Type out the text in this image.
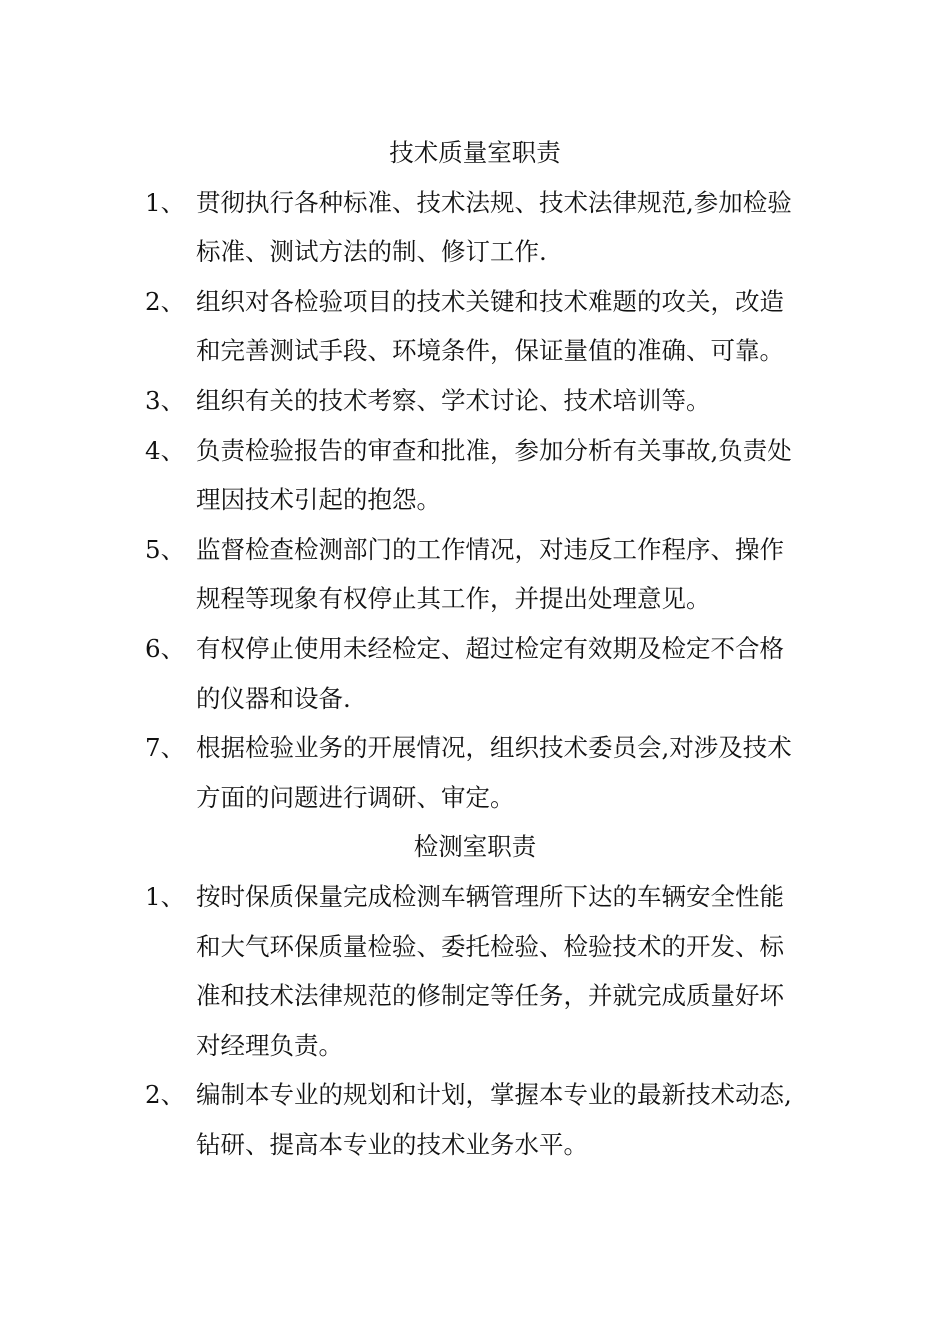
技术质量室职责
1、 贯彻执行各种标准、技术法规、技术法律规范,参加检验标准、测试方法的制、修订工作.
2、 组织对各检验项目的技术关键和技术难题的攻关，改造和完善测试手段、环境条件，保证量值的准确、可靠。
3、 组织有关的技术考察、学术讨论、技术培训等。
4、 负责检验报告的审查和批准，参加分析有关事故,负责处理因技术引起的抱怨。
5、 监督检查检测部门的工作情况，对违反工作程序、操作规程等现象有权停止其工作，并提出处理意见。
6、 有权停止使用未经检定、超过检定有效期及检定不合格的仪器和设备.
7、 根据检验业务的开展情况，组织技术委员会,对涉及技术方面的问题进行调研、审定。
检测室职责
1、 按时保质保量完成检测车辆管理所下达的车辆安全性能和大气环保质量检验、委托检验、检验技术的开发、标准和技术法律规范的修制定等任务，并就完成质量好坏对经理负责。
2、 编制本专业的规划和计划，掌握本专业的最新技术动态,钻研、提高本专业的技术业务水平。
